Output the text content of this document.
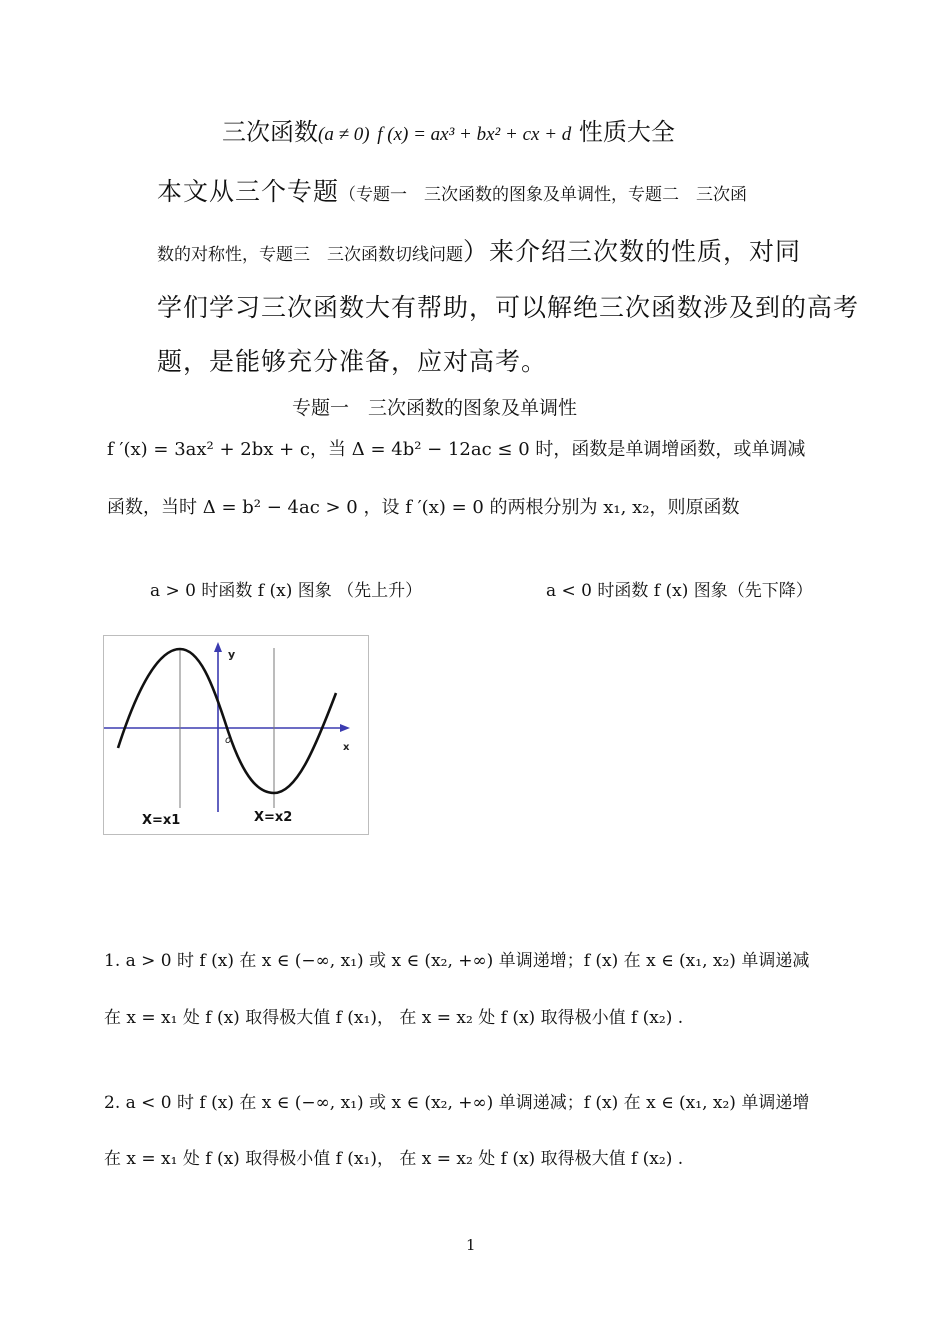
三次函数(a ≠ 0) f (x) = ax³ + bx² + cx + d 性质大全
本文从三个专题（专题一　三次函数的图象及单调性，专题二　三次函
数的对称性，专题三　三次函数切线问题）来介绍三次数的性质，对同
学们学习三次函数大有帮助，可以解绝三次函数涉及到的高考
题，是能够充分准备，应对高考。
专题一　三次函数的图象及单调性
f ′(x) = 3ax² + 2bx + c，当 Δ = 4b² − 12ac ≤ 0 时，函数是单调增函数，或单调减
函数，当时 Δ = b² − 4ac > 0 ，设 f ′(x) = 0 的两根分别为 x₁, x₂，则原函数
a > 0 时函数 f (x) 图象 （先上升）	a < 0 时函数 f (x) 图象（先下降）
y
x
o
X=x1	X=x2
1. a > 0 时 f (x) 在 x ∈ (−∞, x₁) 或 x ∈ (x₂, +∞) 单调递增；f (x) 在 x ∈ (x₁, x₂) 单调递减
在 x = x₁ 处 f (x) 取得极大值 f (x₁)， 在 x = x₂ 处 f (x) 取得极小值 f (x₂) .
2. a < 0 时 f (x) 在 x ∈ (−∞, x₁) 或 x ∈ (x₂, +∞) 单调递减；f (x) 在 x ∈ (x₁, x₂) 单调递增
在 x = x₁ 处 f (x) 取得极小值 f (x₁)， 在 x = x₂ 处 f (x) 取得极大值 f (x₂) .
1
